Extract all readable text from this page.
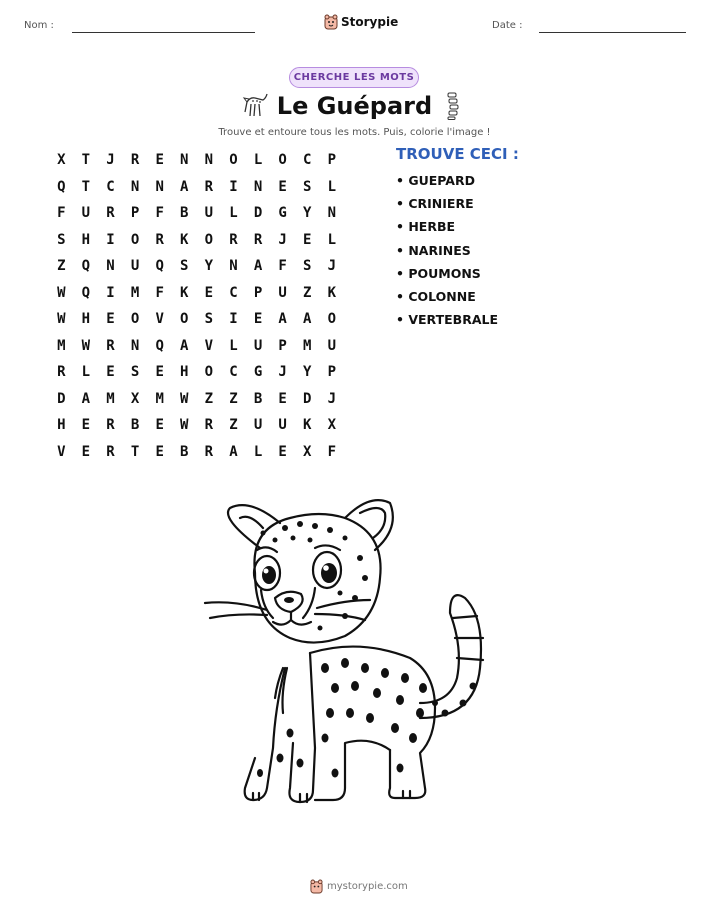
Nom :	Storypie	Date :
CHERCHE LES MOTS
Le Guépard
Trouve et entoure tous les mots. Puis, colorie l'image !
X	T	J	R	E	N	N	O	L	O	C	P
Q	T	C	N	N	A	R	I	N	E	S	L
F	U	R	P	F	B	U	L	D	G	Y	N
S	H	I	O	R	K	O	R	R	J	E	L
Z	Q	N	U	Q	S	Y	N	A	F	S	J
W	Q	I	M	F	K	E	C	P	U	Z	K
W	H	E	O	V	O	S	I	E	A	A	O
M	W	R	N	Q	A	V	L	U	P	M	U
R	L	E	S	E	H	O	C	G	J	Y	P
D	A	M	X	M	W	Z	Z	B	E	D	J
H	E	R	B	E	W	R	Z	U	U	K	X
V	E	R	T	E	B	R	A	L	E	X	F
TROUVE CECI :
• GUEPARD
• CRINIERE
• HERBE
• NARINES
• POUMONS
• COLONNE
• VERTEBRALE
mystorypie.com
